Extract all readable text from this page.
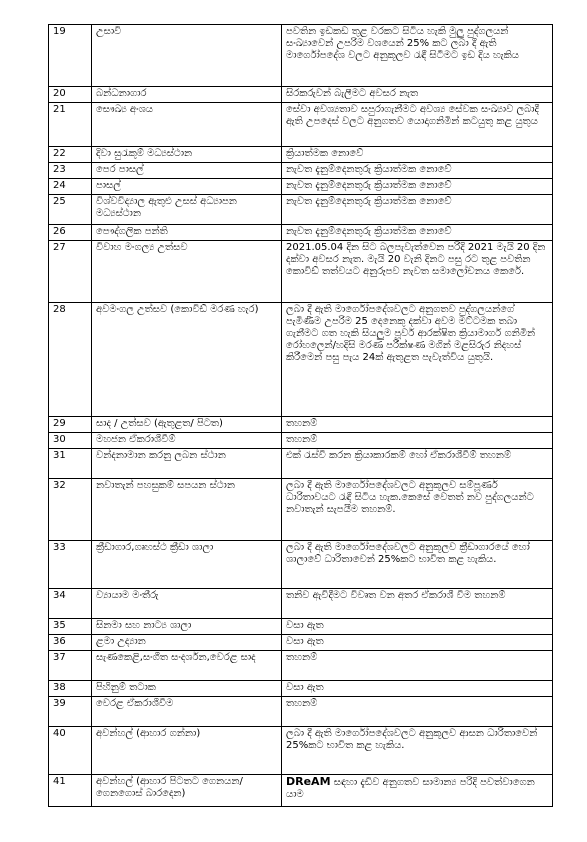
19	උසාවි	පවතින ඉඩකඩ තුළ වරකට සිටිය හැකි මුලු පුද්ගලයන් සංඛ්‍යාවෙන් උපරිම වශයෙන් 25% කට ලබා දී ඇති මාර්ගෝපදේශ වලට අනුකූලව රැඳී සිටීමට ඉඩ දිය හැකිය
20	බන්ධනාගාර	සිරකරුවන් බැලීමට අවසර නැත
21	සෞඛ්‍ය අංශය	සේවා අවශ්‍යතාව සපුරාගැනීමට අවශ්‍ය සේවක සංඛ්‍යාව ලබාදී ඇති උපදෙස් වලට අනුගතව යොදාගනිමින් කටයුතු කළ යුතුය
22	දිවා සුරැකුම් මධ්‍යස්ථාන	ක්‍රියාත්මක නොවේ
23	පෙර පාසල්	නැවත දැනුම්දෙනතුරු ක්‍රියාත්මක නොවේ
24	පාසල්	නැවත දැනුම්දෙනතුරු ක්‍රියාත්මක නොවේ
25	විශ්වවිද්‍යාල ඇතුළු උසස් අධ්‍යාපන මධ්‍යස්ථාන	නැවත දැනුම්දෙනතුරු ක්‍රියාත්මක නොවේ
26	පෞද්ගලික පන්ති	නැවත දැනුම්දෙනතුරු ක්‍රියාත්මක නොවේ
27	විවාහ මංගල්‍ය උත්සව	2021.05.04 දින සිට බලපැවැත්වෙන පරිදි 2021 මැයි 20 දින දක්වා අවසර නැත. මැයි 20 වැනි දිනට පසු රට තුළ පවතින කොවිඩ් තත්වයට අනුරූපව නැවත සමාලෝචනය කෙරේ.
28	අවමංගල උත්සව (කොවිඩ් මරණ හැර)	ලබා දී ඇති මාර්ගෝපදේශවලට අනුගතව පුද්ගලයන්ගේ පැමිණීම උපරිම 25 දෙනෙකු දක්වා අවම මට්ටමක තබා ගැනීමට ගත හැකි සියලුම පූර්ව ආරක්ෂිත ක්‍රියාමාර්ග ගනිමින් රෝහලෙන්/හදිසි මරණ පරීක්ෂණ මගින් මළසිරුර නිදහස් කිරීමෙන් පසු පැය 24ක් ඇතුළත පැවැත්විය යුතුයි.
29	සාද / උත්සව (ඇතුළත/ පිටත)	තහනම්
30	මහජන ඒකරාශීවීම්	තහනම්
31	වන්දනාමාන කරනු ලබන ස්ථාන	එක් රැස්වී කරන ක්‍රියාකාරකම් හෝ ඒකරාශීවීම් තහනම්
32	නවාතැන් පහසුකම් සපයන ස්ථාන	ලබා දී ඇති මාර්ගෝපදේශවලට අනුකූලව සම්පූර්ණ ධාරිතාවයට රැඳී සිටිය හැක.කෙසේ වෙතත් නව පුද්ගලයන්ට නවාතැන් සැපයීම තහනම්.
33	ක්‍රීඩාගාර,ගෘහස්ථ ක්‍රීඩා ශාලා	ලබා දී ඇති මාර්ගෝපදේශවලට අනුකූලව ක්‍රීඩාගාරයේ හෝ ශාලාවේ ධාරිතාවෙන් 25%කට භාවිත කළ හැකිය.
34	ව්‍යායාම මංතීරු	තනිව ඇවිදීමට විවෘත වන අතර ඒකරාශී වීම තහනම්
35	සිනමා සහ නාට්‍ය ශාලා	වසා ඇත
36	ළමා උද්‍යාන	වසා ඇත
37	සැණකෙළි,සංගීත සංදර්ශන,වෙරළ සාද	තහනම්
38	පිහිනුම් තටාක	වසා ඇත
39	වෙරළ ඒකරාශීවීම	තහනම්
40	අවන්හල් (ආහාර ගන්නා)	ලබා දී ඇති මාර්ගෝපදේශවලට අනුකූලව ආසන ධාරිතාවෙන් 25%කට භාවිත කළ හැකිය.
41	අවන්හල් (ආහාර පිටතට ගෙනයන/ගෙනගොස් බාරදෙන)	DReAM සඳහා දැඩිව අනුගතව සාමාන්‍ය පරිදි පවත්වාගෙන යාම
